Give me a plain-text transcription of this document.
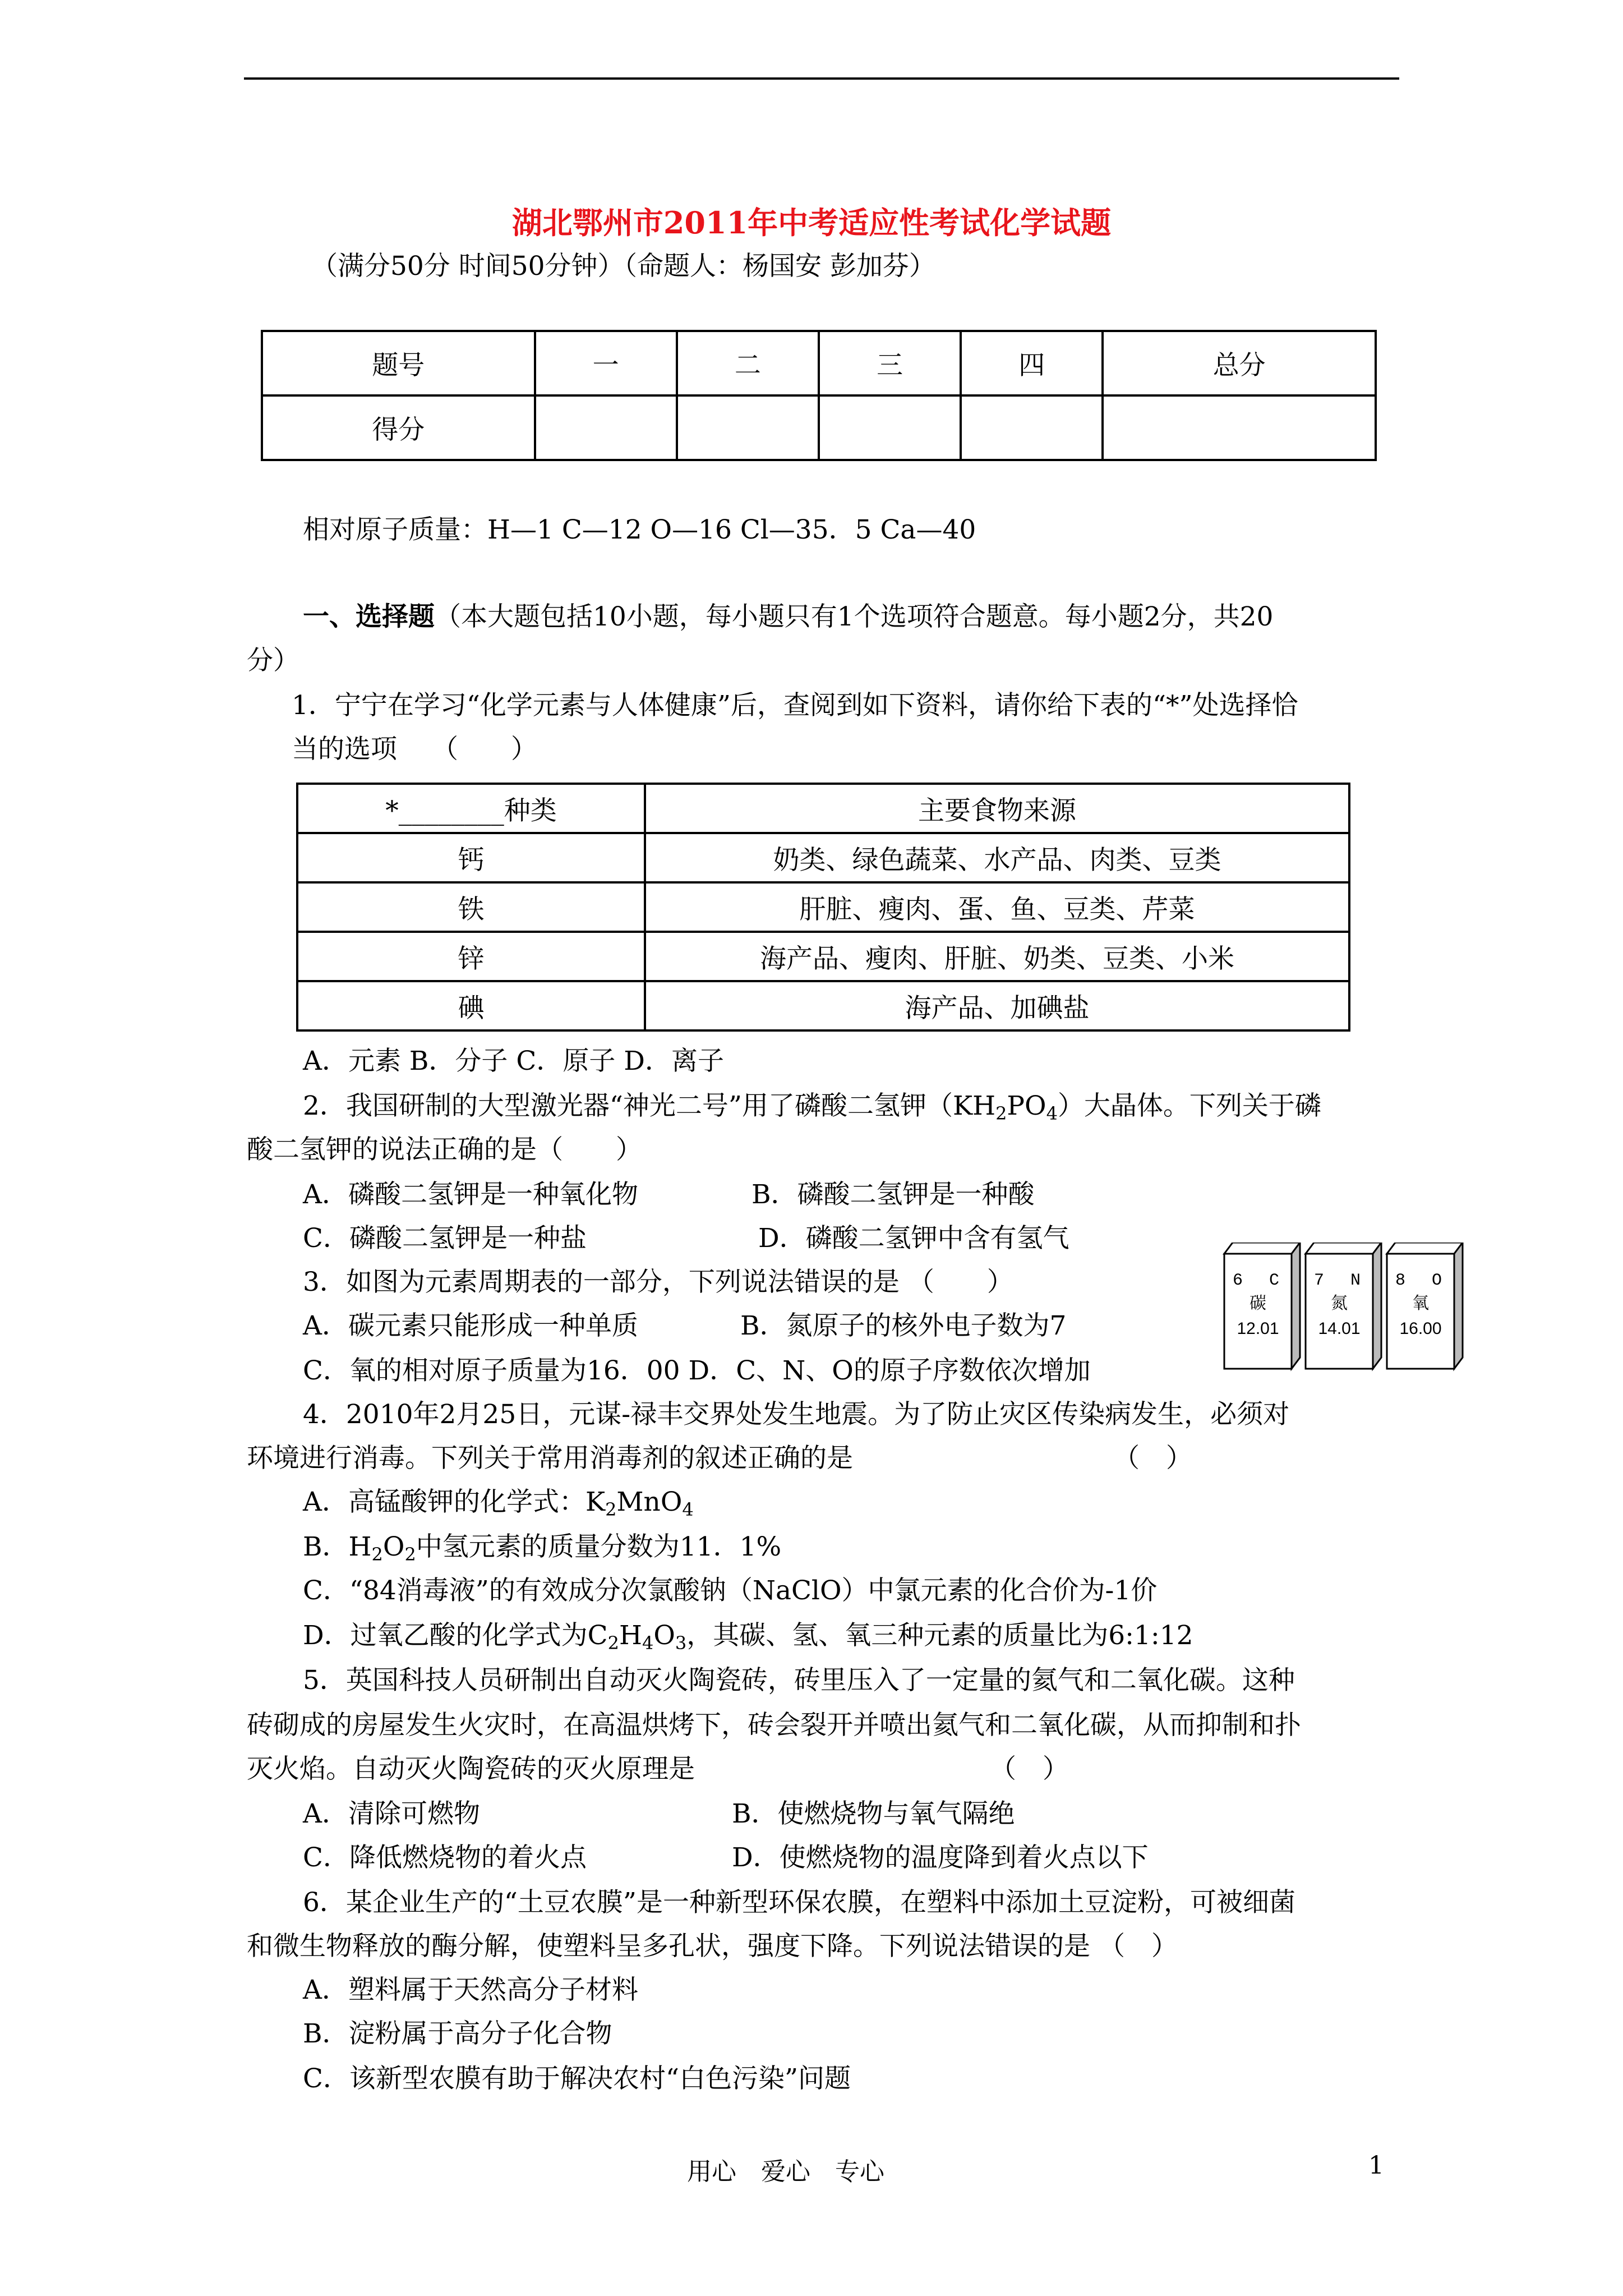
湖北鄂州市2011年中考适应性考试化学试题
（满分50分 时间50分钟）（命题人：杨国安 彭加芬）
题号	一	二	三	四	总分
得分					
相对原子质量：H—1 C—12 O—16 Cl—35．5 Ca—40
一、选择题（本大题包括10小题，每小题只有1个选项符合题意。每小题2分，共20
分）
1．宁宁在学习“化学元素与人体健康”后，查阅到如下资料，请你给下表的“*”处选择恰
当的选项　 （　　）
*________种类	主要食物来源
钙	奶类、绿色蔬菜、水产品、肉类、豆类
铁	肝脏、瘦肉、蛋、鱼、豆类、芹菜
锌	海产品、瘦肉、肝脏、奶类、豆类、小米
碘	海产品、加碘盐
A．元素 B．分子 C．原子 D．离子
2．我国研制的大型激光器“神光二号”用了磷酸二氢钾$(KH_2PO_4)$大晶体。下列关于磷
酸二氢钾的说法正确的是（　　）
A．磷酸二氢钾是一种氧化物	B．磷酸二氢钾是一种酸
C．磷酸二氢钾是一种盐	D．磷酸二氢钾中含有氢气
3．如图为元素周期表的一部分，下列说法错误的是 （　　）
A．碳元素只能形成一种单质	B．氮原子的核外电子数为7
C．氧的相对原子质量为16．00 D．C、N、O的原子序数依次增加
6 C
碳
12.01
7 N
氮
14.01
8 O
氧
16.00
4．2010年2月25日，元谋-禄丰交界处发生地震。为了防止灾区传染病发生，必须对
环境进行消毒。下列关于常用消毒剂的叙述正确的是	（　）
A．高锰酸钾的化学式：$K_2MnO_4$
B．$H_2O_2$中氢元素的质量分数为11．1%
C．“84消毒液”的有效成分次氯酸钠（NaClO）中氯元素的化合价为-1价
D．过氧乙酸的化学式为$C_2H_4O_3$，其碳、氢、氧三种元素的质量比为6:1:12
5．英国科技人员研制出自动灭火陶瓷砖，砖里压入了一定量的氦气和二氧化碳。这种
砖砌成的房屋发生火灾时，在高温烘烤下，砖会裂开并喷出氦气和二氧化碳，从而抑制和扑
灭火焰。自动灭火陶瓷砖的灭火原理是	（　）
A．清除可燃物	B．使燃烧物与氧气隔绝
C．降低燃烧物的着火点	D．使燃烧物的温度降到着火点以下
6．某企业生产的“土豆农膜”是一种新型环保农膜，在塑料中添加土豆淀粉，可被细菌
和微生物释放的酶分解，使塑料呈多孔状，强度下降。下列说法错误的是 （　）
A．塑料属于天然高分子材料
B．淀粉属于高分子化合物
C．该新型农膜有助于解决农村“白色污染”问题
用心　爱心　专心	1
